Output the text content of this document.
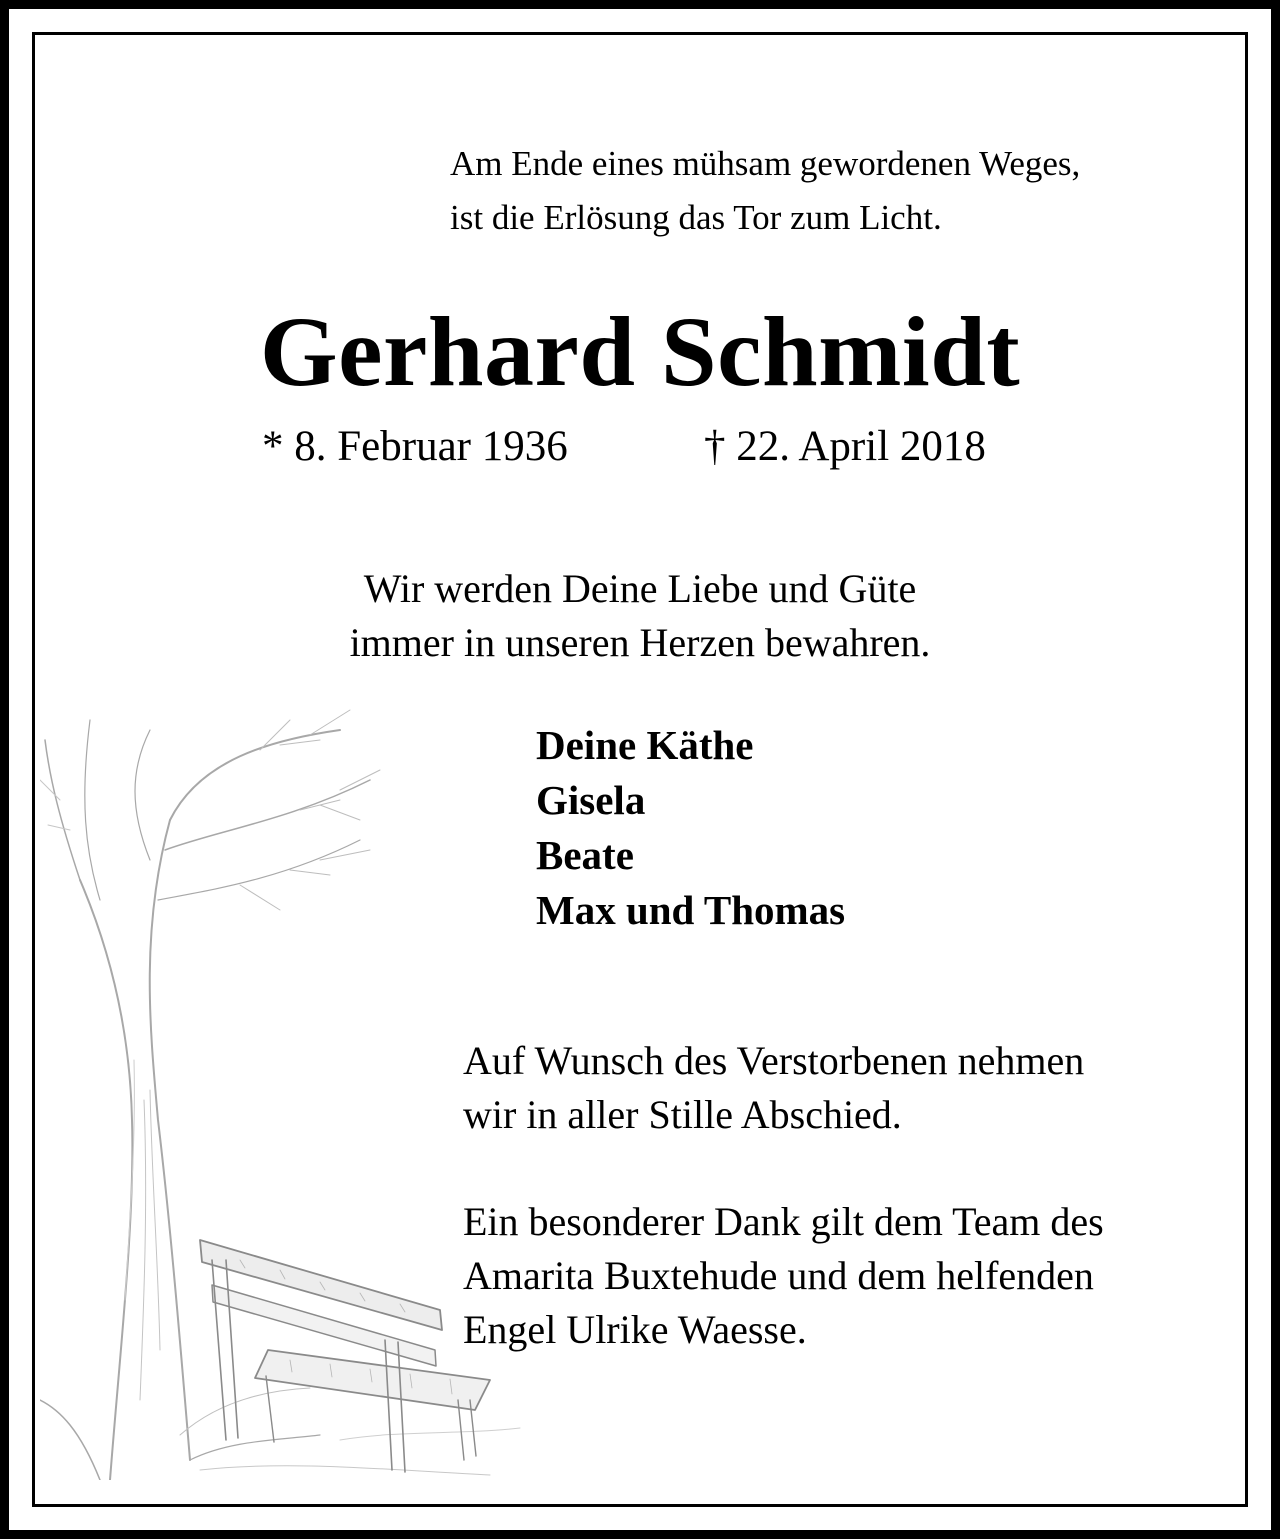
Am Ende eines mühsam gewordenen Weges,
ist die Erlösung das Tor zum Licht.
Gerhard Schmidt
* 8. Februar 1936	† 22. April 2018

Wir werden Deine Liebe und Güte

immer in unseren Herzen bewahren.

Deine Käthe
Gisela
Beate
Max und Thomas

Auf Wunsch des Verstorbenen nehmen

wir in aller Stille Abschied.

Ein besonderer Dank gilt dem Team des

Amarita Buxtehude und dem helfenden

Engel Ulrike Waesse.
